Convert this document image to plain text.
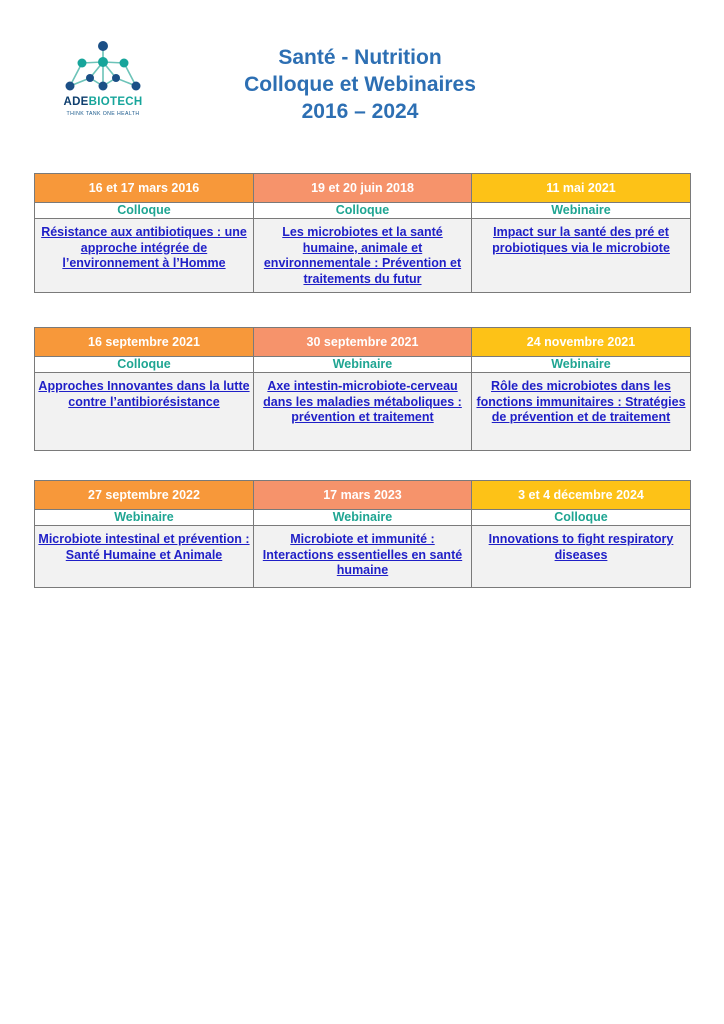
ADEBIOTECH
THINK TANK ONE HEALTH
Santé - Nutrition
Colloque et Webinaires
2016 – 2024
16 et 17 mars 2016	19 et 20 juin 2018	11 mai 2021
Colloque	Colloque	Webinaire
Résistance aux antibiotiques : une approche intégrée de l’environnement à l’Homme	Les microbiotes et la santé humaine, animale et environnementale : Prévention et traitements du futur	Impact sur la santé des pré et probiotiques via le microbiote
16 septembre 2021	30 septembre 2021	24 novembre 2021
Colloque	Webinaire	Webinaire
Approches Innovantes dans la lutte contre l’antibiorésistance	Axe intestin-microbiote-cerveau dans les maladies métaboliques : prévention et traitement	Rôle des microbiotes dans les fonctions immunitaires : Stratégies de prévention et de traitement
27 septembre 2022	17 mars 2023	3 et 4 décembre 2024
Webinaire	Webinaire	Colloque
Microbiote intestinal et prévention : Santé Humaine et Animale	Microbiote et immunité : Interactions essentielles en santé humaine	Innovations to fight respiratory diseases
